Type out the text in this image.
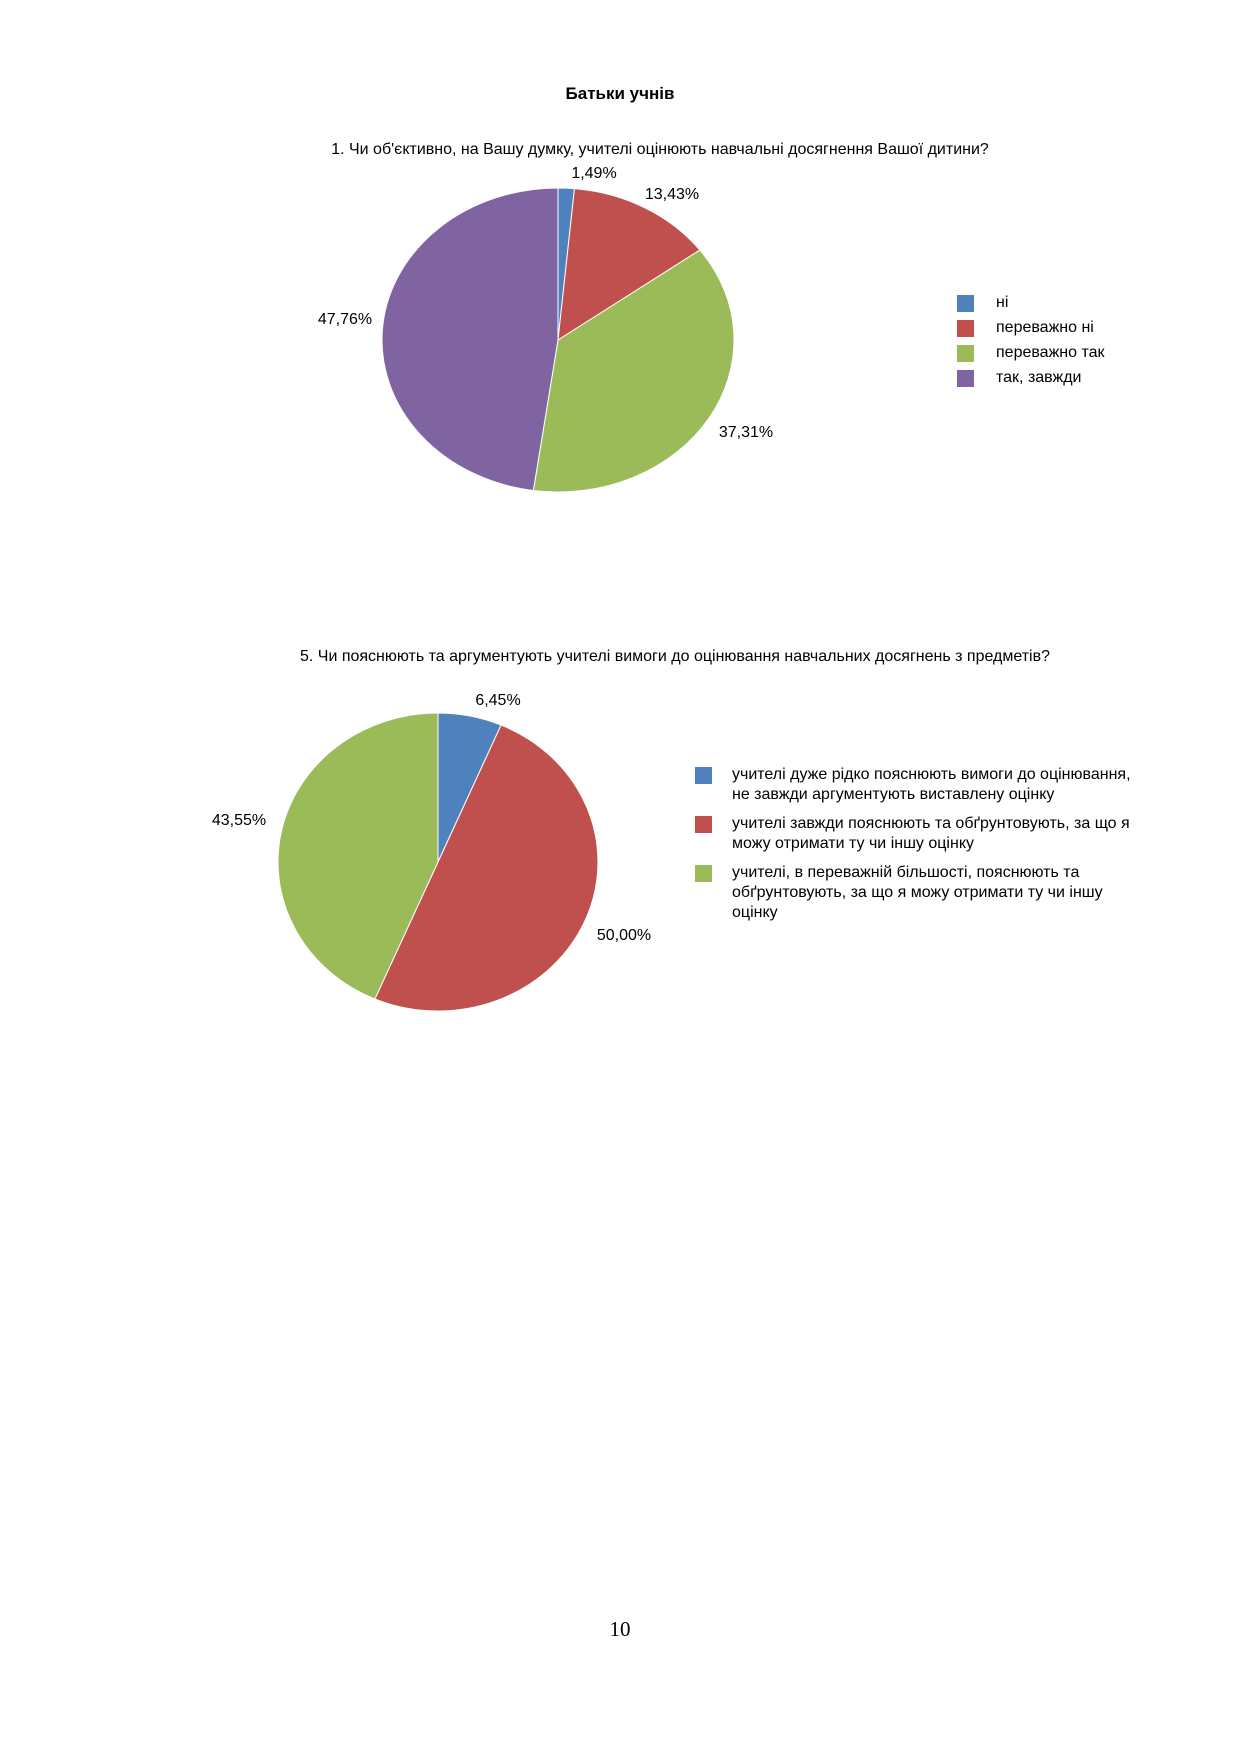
Батьки учнів
1. Чи об'єктивно, на Вашу думку, учителі оцінюють навчальні досягнення Вашої дитини?
1,49%
13,43%
37,31%
47,76%
ні
переважно ні
переважно так
так, завжди
5. Чи пояснюють та аргументують учителі вимоги до оцінювання навчальних досягнень з предметів?
6,45%
50,00%
43,55%
учителі дуже рідко пояснюють вимоги до оцінювання, не завжди аргументують виставлену оцінку
учителі завжди пояснюють та обґрунтовують, за що я можу отримати ту чи іншу оцінку
учителі, в переважній більшості, пояснюють та обґрунтовують, за що я можу отримати ту чи іншу оцінку
10
